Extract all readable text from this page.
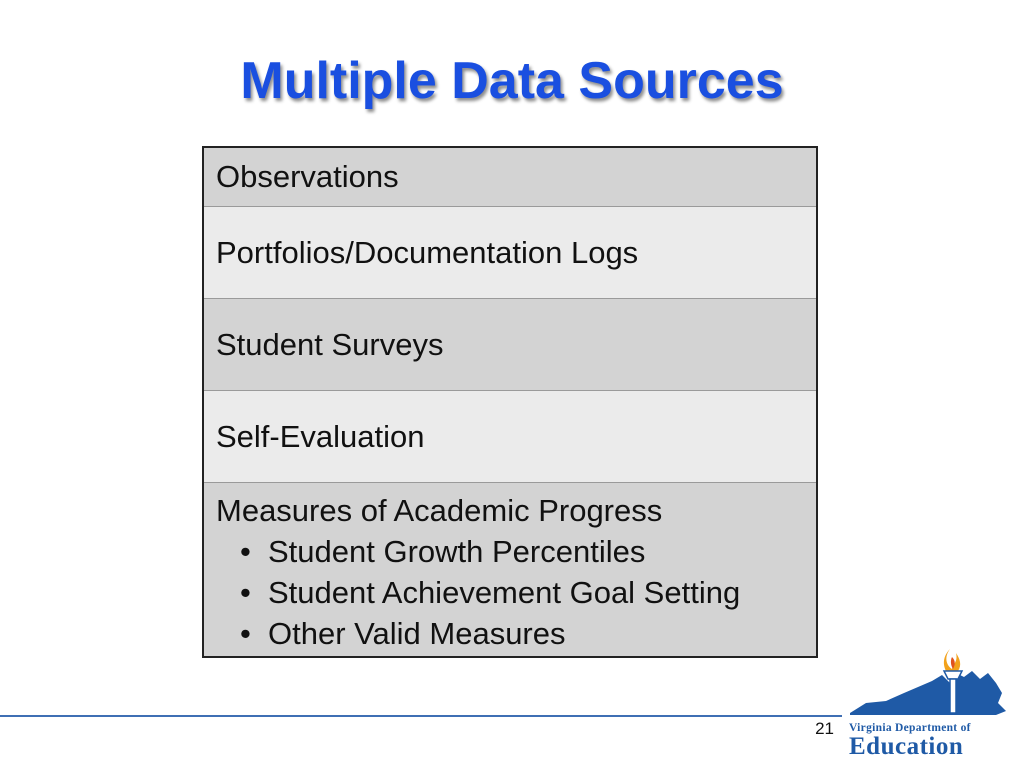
Multiple Data Sources
Observations
Portfolios/Documentation Logs
Student Surveys
Self-Evaluation
Measures of Academic Progress
• Student Growth Percentiles
• Student Achievement Goal Setting
• Other Valid Measures
21 Virginia Department of
Education
